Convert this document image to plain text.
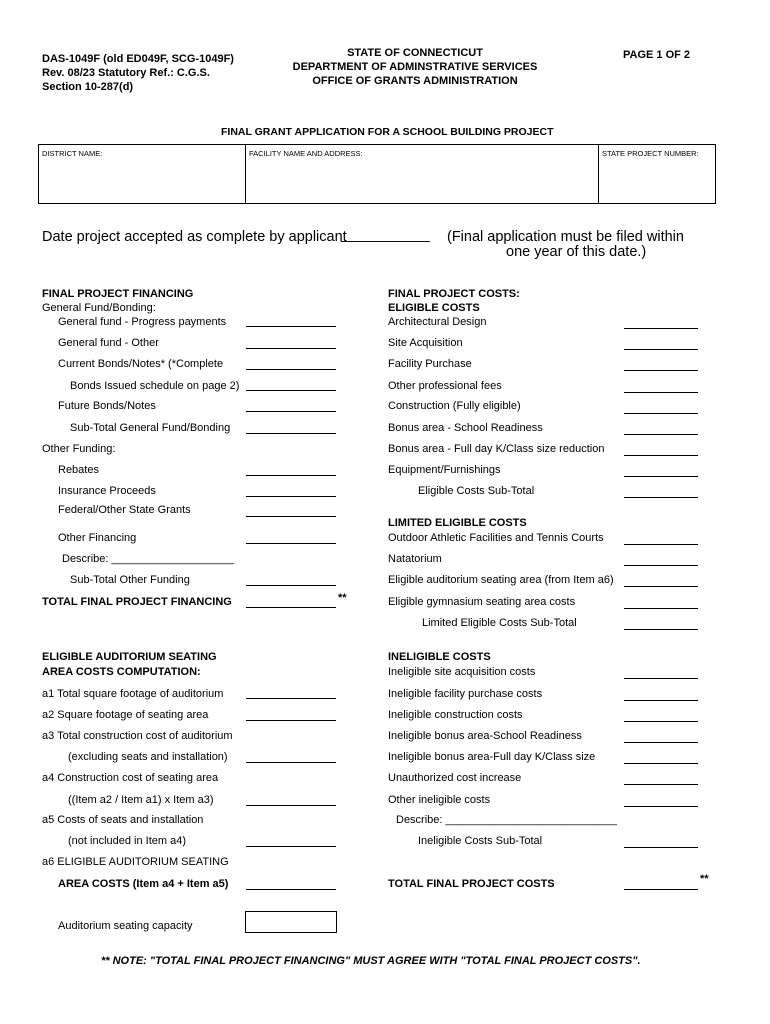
DAS-1049F (old ED049F, SCG-1049F)
Rev. 08/23 Statutory Ref.: C.G.S.
Section 10-287(d)
STATE OF CONNECTICUT
DEPARTMENT OF ADMINSTRATIVE SERVICES
OFFICE OF GRANTS ADMINISTRATION
PAGE 1 OF 2
FINAL GRANT APPLICATION FOR A SCHOOL BUILDING PROJECT
DISTRICT NAME:	FACILITY NAME AND ADDRESS:	STATE PROJECT NUMBER:
Date project accepted as complete by applicant
___________ (Final application must be filed within
one year of this date.)
FINAL PROJECT FINANCING
General Fund/Bonding:
General fund - Progress payments
General fund - Other
Current Bonds/Notes* (*Complete
Bonds Issued schedule on page 2)
Future Bonds/Notes
Sub-Total General Fund/Bonding
Other Funding:
Rebates
Insurance Proceeds
Federal/Other State Grants
Other Financing
Describe: ____________________
Sub-Total Other Funding
TOTAL FINAL PROJECT FINANCING	**
ELIGIBLE AUDITORIUM SEATING
AREA COSTS COMPUTATION:
a1 Total square footage of auditorium
a2 Square footage of seating area
a3 Total construction cost of auditorium
(excluding seats and installation)
a4 Construction cost of seating area
((Item a2 / Item a1) x Item a3)
a5 Costs of seats and installation
(not included in Item a4)
a6 ELIGIBLE AUDITORIUM SEATING
AREA COSTS (Item a4 + Item a5)
Auditorium seating capacity
FINAL PROJECT COSTS:
ELIGIBLE COSTS
Architectural Design
Site Acquisition
Facility Purchase
Other professional fees
Construction (Fully eligible)
Bonus area - School Readiness
Bonus area - Full day K/Class size reduction
Equipment/Furnishings
Eligible Costs Sub-Total
LIMITED ELIGIBLE COSTS
Outdoor Athletic Facilities and Tennis Courts
Natatorium
Eligible auditorium seating area (from Item a6)
Eligible gymnasium seating area costs
Limited Eligible Costs Sub-Total
INELIGIBLE COSTS
Ineligible site acquisition costs
Ineligible facility purchase costs
Ineligible construction costs
Ineligible bonus area-School Readiness
Ineligible bonus area-Full day K/Class size
Unauthorized cost increase
Other ineligible costs
Describe: ____________________________
Ineligible Costs Sub-Total
TOTAL FINAL PROJECT COSTS	**
** NOTE: "TOTAL FINAL PROJECT FINANCING" MUST AGREE WITH "TOTAL FINAL PROJECT COSTS".
